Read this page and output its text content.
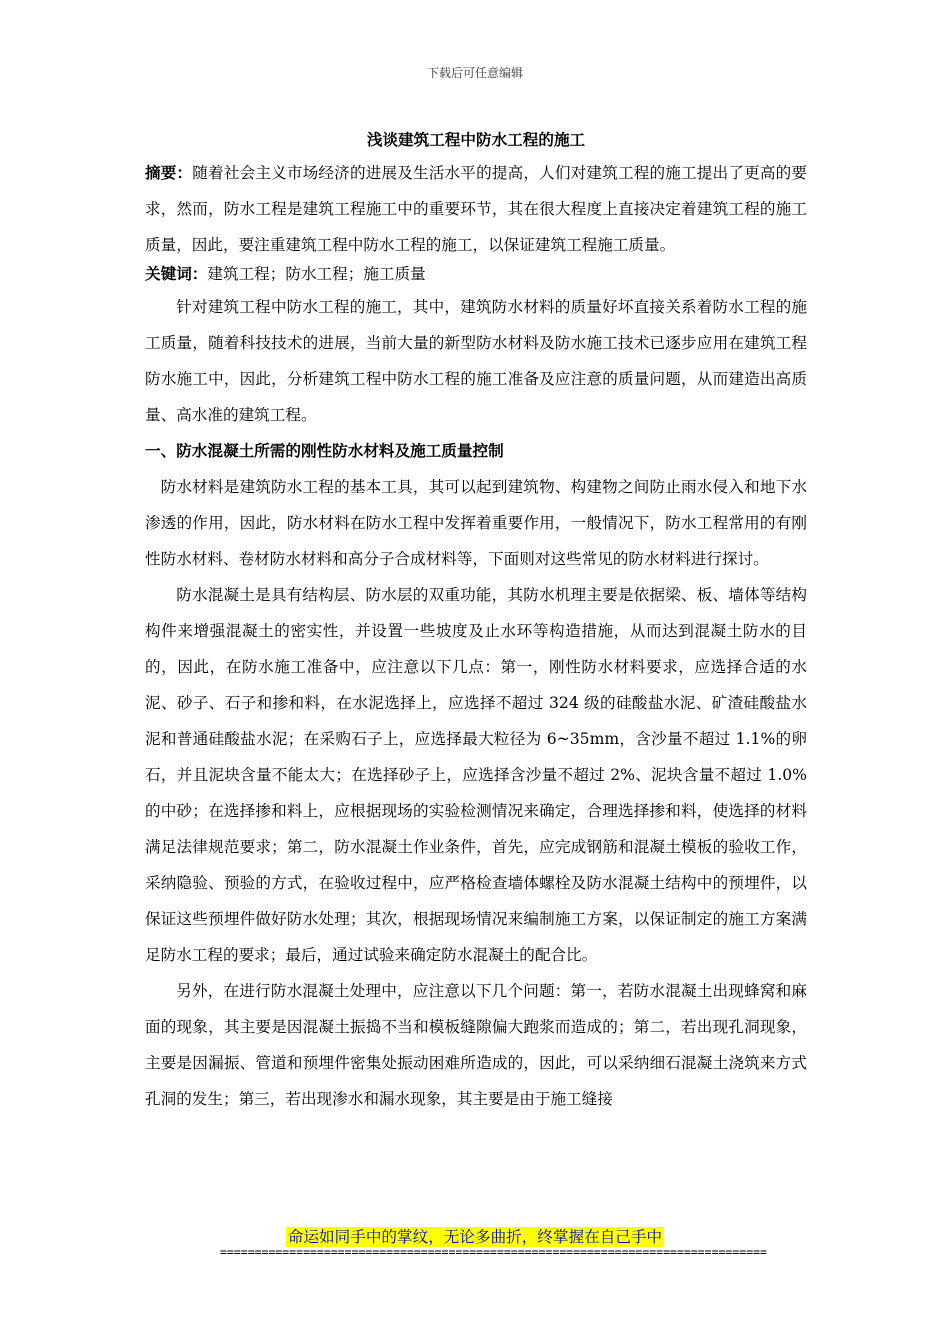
下载后可任意编辑
浅谈建筑工程中防水工程的施工

摘要：随着社会主义市场经济的进展及生活水平的提高，人们对建筑工程的施工提出了更高的要求，然而，防水工程是建筑工程施工中的重要环节，其在很大程度上直接决定着建筑工程的施工质量，因此，要注重建筑工程中防水工程的施工，以保证建筑工程施工质量。

关键词：建筑工程；防水工程；施工质量

针对建筑工程中防水工程的施工，其中，建筑防水材料的质量好坏直接关系着防水工程的施工质量，随着科技技术的进展，当前大量的新型防水材料及防水施工技术已逐步应用在建筑工程防水施工中，因此，分析建筑工程中防水工程的施工准备及应注意的质量问题，从而建造出高质量、高水准的建筑工程。

一、防水混凝土所需的刚性防水材料及施工质量控制

防水材料是建筑防水工程的基本工具，其可以起到建筑物、构建物之间防止雨水侵入和地下水渗透的作用，因此，防水材料在防水工程中发挥着重要作用，一般情况下，防水工程常用的有刚性防水材料、卷材防水材料和高分子合成材料等，下面则对这些常见的防水材料进行探讨。

防水混凝土是具有结构层、防水层的双重功能，其防水机理主要是依据梁、板、墙体等结构构件来增强混凝土的密实性，并设置一些坡度及止水环等构造措施，从而达到混凝土防水的目的，因此，在防水施工准备中，应注意以下几点：第一，刚性防水材料要求，应选择合适的水泥、砂子、石子和掺和料，在水泥选择上，应选择不超过 324 级的硅酸盐水泥、矿渣硅酸盐水泥和普通硅酸盐水泥；在采购石子上，应选择最大粒径为 6~35mm，含沙量不超过 1.1%的卵石，并且泥块含量不能太大；在选择砂子上，应选择含沙量不超过 2%、泥块含量不超过 1.0%的中砂；在选择掺和料上，应根据现场的实验检测情况来确定，合理选择掺和料，使选择的材料满足法律规范要求；第二，防水混凝土作业条件，首先，应完成钢筋和混凝土模板的验收工作，采纳隐验、预验的方式，在验收过程中，应严格检查墙体螺栓及防水混凝土结构中的预埋件，以保证这些预埋件做好防水处理；其次，根据现场情况来编制施工方案，以保证制定的施工方案满足防水工程的要求；最后，通过试验来确定防水混凝土的配合比。

另外，在进行防水混凝土处理中，应注意以下几个问题：第一，若防水混凝土出现蜂窝和麻面的现象，其主要是因混凝土振捣不当和模板缝隙偏大跑浆而造成的；第二，若出现孔洞现象，主要是因漏振、管道和预埋件密集处振动困难所造成的，因此，可以采纳细石混凝土浇筑来方式孔洞的发生；第三，若出现渗水和漏水现象，其主要是由于施工缝接

命运如同手中的掌纹，无论多曲折，终掌握在自己手中
===============================================================================
